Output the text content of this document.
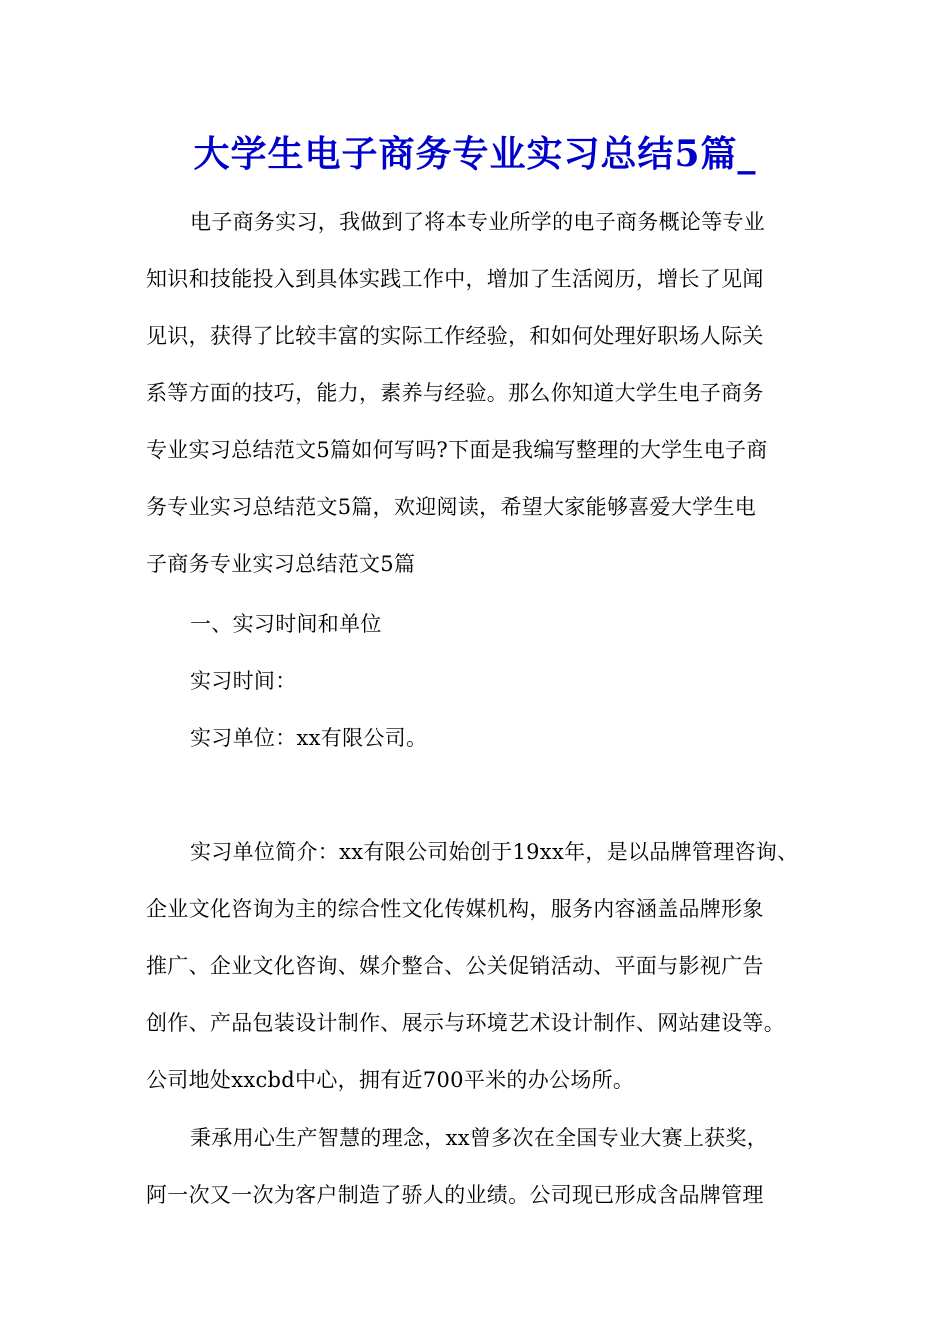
大学生电子商务专业实习总结5篇_
电子商务实习，我做到了将本专业所学的电子商务概论等专业
知识和技能投入到具体实践工作中，增加了生活阅历，增长了见闻
见识，获得了比较丰富的实际工作经验，和如何处理好职场人际关
系等方面的技巧，能力，素养与经验。那么你知道大学生电子商务
专业实习总结范文5篇如何写吗?下面是我编写整理的大学生电子商
务专业实习总结范文5篇，欢迎阅读，希望大家能够喜爱大学生电
子商务专业实习总结范文5篇
一、实习时间和单位
实习时间：
实习单位：xx有限公司。
实习单位简介：xx有限公司始创于19xx年，是以品牌管理咨询、
企业文化咨询为主的综合性文化传媒机构，服务内容涵盖品牌形象
推广、企业文化咨询、媒介整合、公关促销活动、平面与影视广告
创作、产品包装设计制作、展示与环境艺术设计制作、网站建设等。
公司地处xxcbd中心，拥有近700平米的办公场所。
秉承用心生产智慧的理念，xx曾多次在全国专业大赛上获奖，
阿一次又一次为客户制造了骄人的业绩。公司现已形成含品牌管理
